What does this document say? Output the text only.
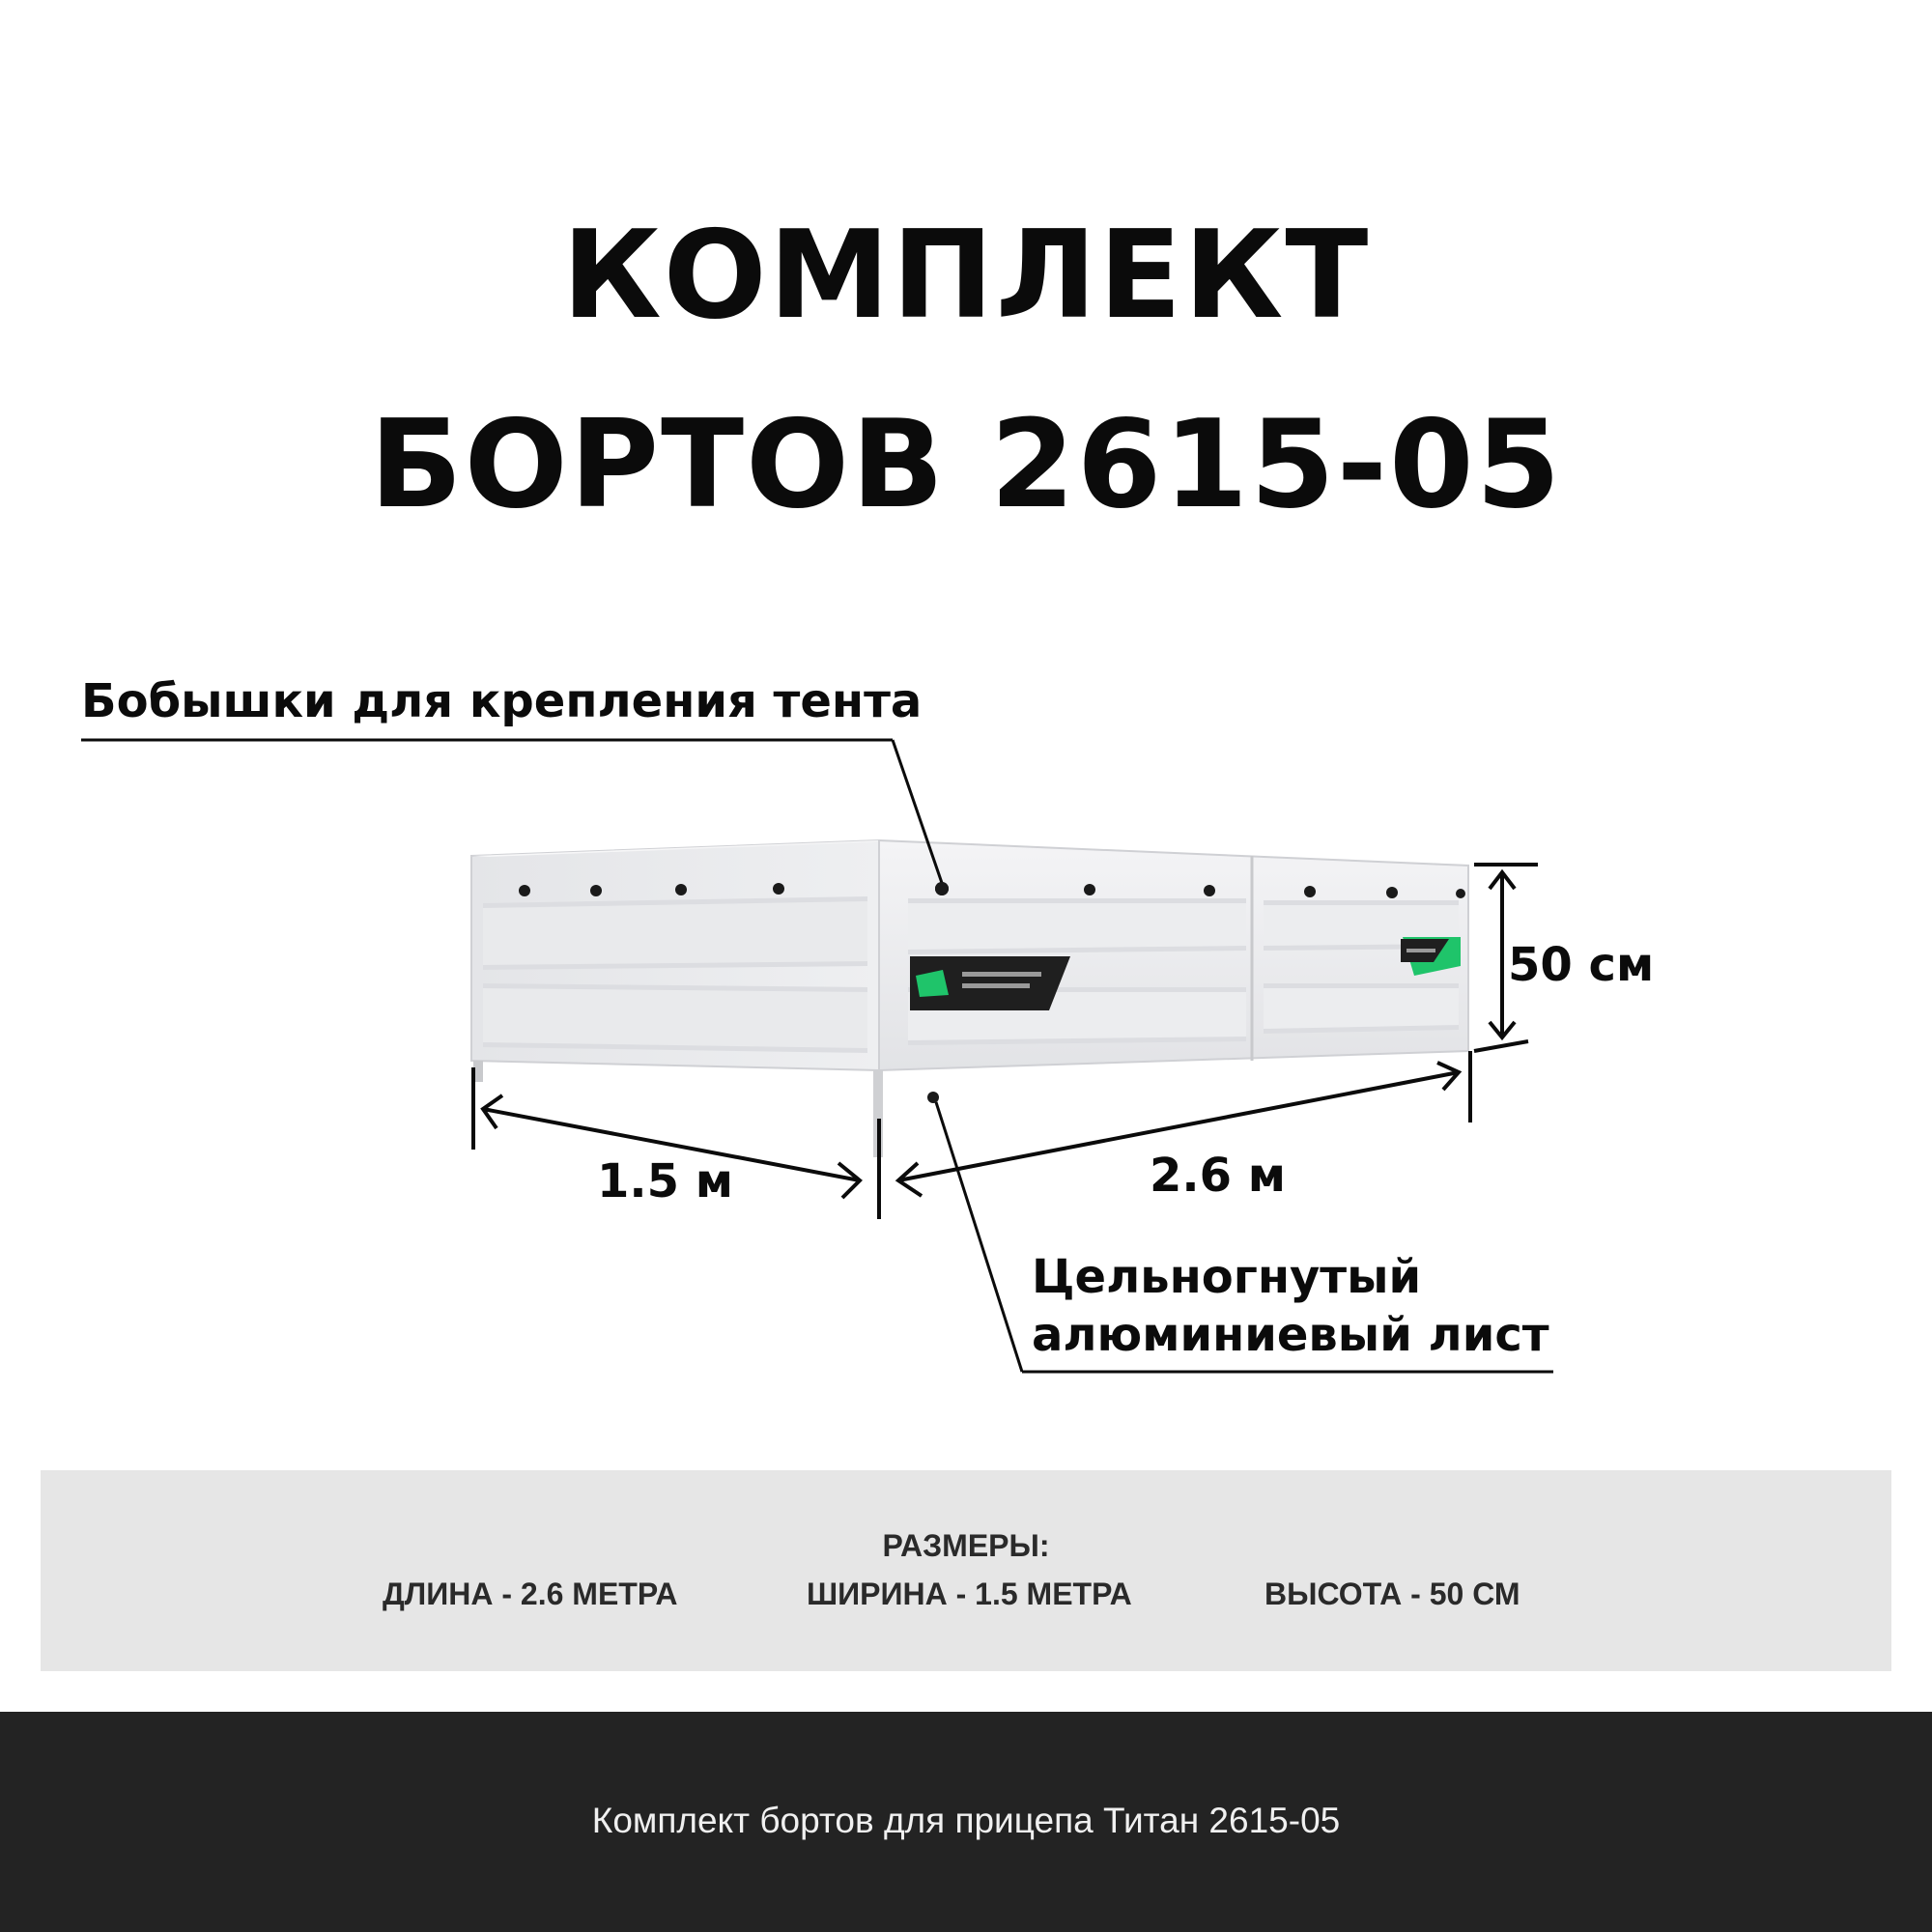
КОМПЛЕКТ
БОРТОВ 2615-05
Бобышки для крепления тента
Цельногнутый
алюминиевый лист
1.5 м	2.6 м
50 см
РАЗМЕРЫ:
ДЛИНА - 2.6 МЕТРА	ШИРИНА - 1.5 МЕТРА	ВЫСОТА - 50 СМ
Комплект бортов для прицепа Титан 2615-05
